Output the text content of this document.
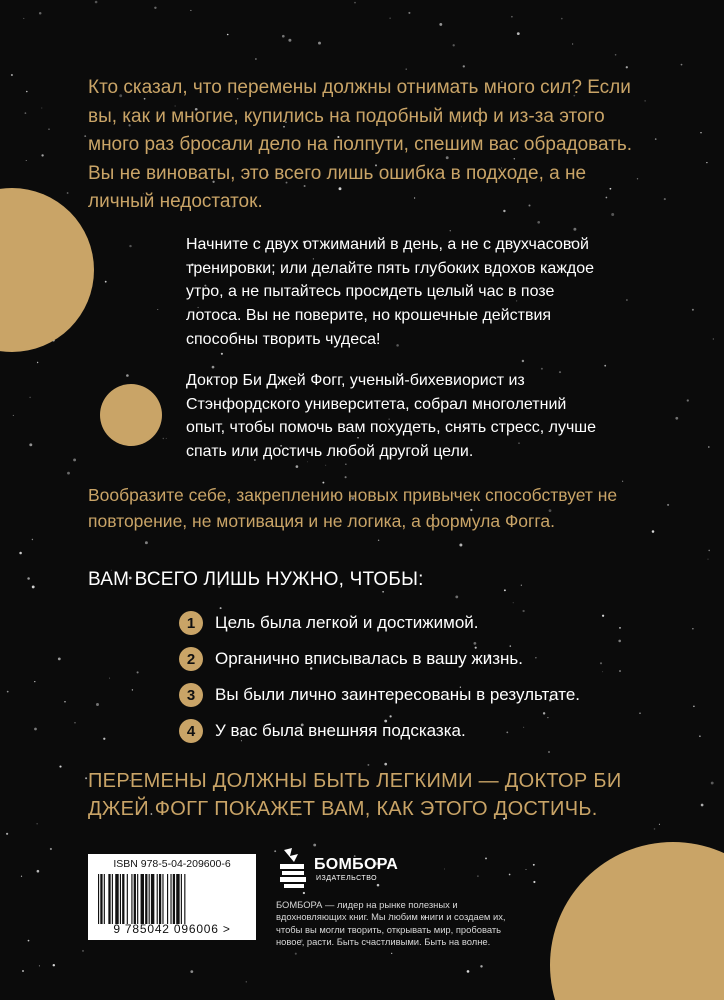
Кто сказал, что перемены должны отнимать много сил? Если вы, как и многие, купились на подобный миф и из-за этого много раз бросали дело на полпути, спешим вас обрадовать. Вы не виноваты, это всего лишь ошибка в подходе, а не личный недостаток.

Начните с двух отжиманий в день, а не с двухчасовой тренировки; или делайте пять глубоких вдохов каждое утро, а не пытайтесь просидеть целый час в позе лотоса. Вы не поверите, но крошечные действия способны творить чудеса!

Доктор Би Джей Фогг, ученый-бихевиорист из Стэнфордского университета, собрал многолетний опыт, чтобы помочь вам похудеть, снять стресс, лучше спать или достичь любой другой цели.

Вообразите себе, закреплению новых привычек способствует не повторение, не мотивация и не логика, а формула Фогга.

ВАМ ВСЕГО ЛИШЬ НУЖНО, ЧТОБЫ:
1	Цель была легкой и достижимой.
2	Органично вписывалась в вашу жизнь.
3	Вы были лично заинтересованы в результате.
4	У вас была внешняя подсказка.

ПЕРЕМЕНЫ ДОЛЖНЫ БЫТЬ ЛЕГКИМИ — ДОКТОР БИ ДЖЕЙ ФОГГ ПОКАЖЕТ ВАМ, КАК ЭТОГО ДОСТИЧЬ.

ISBN 978-5-04-209600-6
9 785042 096006 >
БОМБОРА
ИЗДАТЕЛЬСТВО

БОМБОРА — лидер на рынке полезных и вдохновляющих книг. Мы любим книги и создаем их, чтобы вы могли творить, открывать мир, пробовать новое, расти. Быть счастливыми. Быть на волне.
